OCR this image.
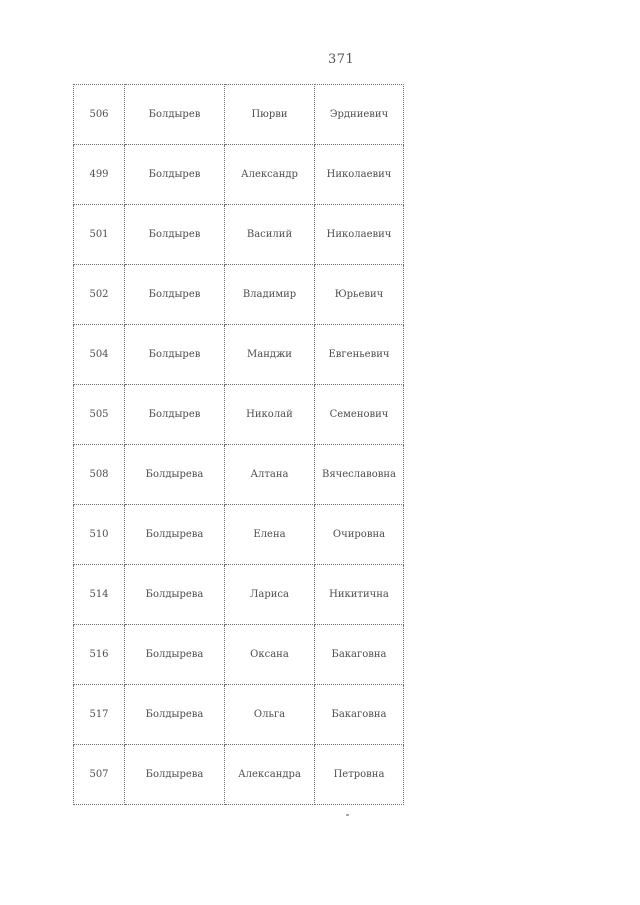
371
506	Болдырев	Пюрви	Эрдниевич
499	Болдырев	Александр	Николаевич
501	Болдырев	Василий	Николаевич
502	Болдырев	Владимир	Юрьевич
504	Болдырев	Манджи	Евгеньевич
505	Болдырев	Николай	Семенович
508	Болдырева	Алтана	Вячеславовна
510	Болдырева	Елена	Очировна
514	Болдырева	Лариса	Никитична
516	Болдырева	Оксана	Бакаговна
517	Болдырева	Ольга	Бакаговна
507	Болдырева	Александра	Петровна
